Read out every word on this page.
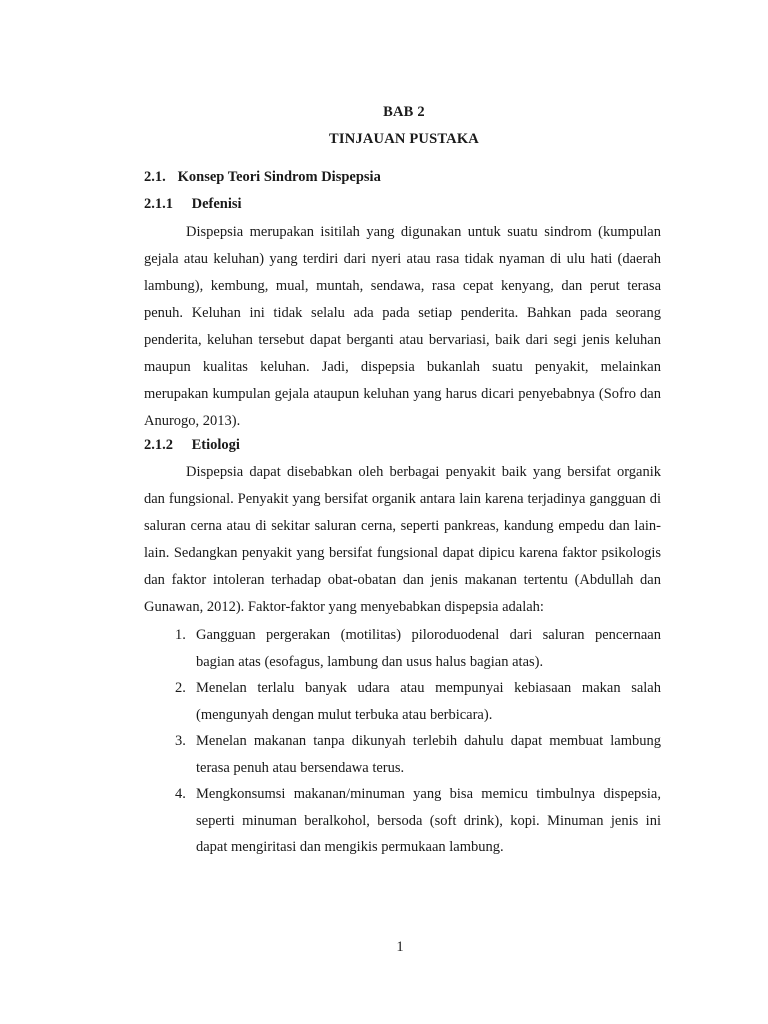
BAB 2
TINJAUAN PUSTAKA
2.1. Konsep Teori Sindrom Dispepsia
2.1.1 Defenisi

Dispepsia merupakan isitilah yang digunakan untuk suatu sindrom (kumpulan gejala atau keluhan) yang terdiri dari nyeri atau rasa tidak nyaman di ulu hati (daerah lambung), kembung, mual, muntah, sendawa, rasa cepat kenyang, dan perut terasa penuh. Keluhan ini tidak selalu ada pada setiap penderita. Bahkan pada seorang penderita, keluhan tersebut dapat berganti atau bervariasi, baik dari segi jenis keluhan maupun kualitas keluhan. Jadi, dispepsia bukanlah suatu penyakit, melainkan merupakan kumpulan gejala ataupun keluhan yang harus dicari penyebabnya (Sofro dan Anurogo, 2013).

2.1.2 Etiologi

Dispepsia dapat disebabkan oleh berbagai penyakit baik yang bersifat organik dan fungsional. Penyakit yang bersifat organik antara lain karena terjadinya gangguan di saluran cerna atau di sekitar saluran cerna, seperti pankreas, kandung empedu dan lain-lain. Sedangkan penyakit yang bersifat fungsional dapat dipicu karena faktor psikologis dan faktor intoleran terhadap obat-obatan dan jenis makanan tertentu (Abdullah dan Gunawan, 2012). Faktor-faktor yang menyebabkan dispepsia adalah:

1. Gangguan pergerakan (motilitas) piloroduodenal dari saluran pencernaan bagian atas (esofagus, lambung dan usus halus bagian atas).
2. Menelan terlalu banyak udara atau mempunyai kebiasaan makan salah (mengunyah dengan mulut terbuka atau berbicara).
3. Menelan makanan tanpa dikunyah terlebih dahulu dapat membuat lambung terasa penuh atau bersendawa terus.
4. Mengkonsumsi makanan/minuman yang bisa memicu timbulnya dispepsia, seperti minuman beralkohol, bersoda (soft drink), kopi. Minuman jenis ini dapat mengiritasi dan mengikis permukaan lambung.
1
